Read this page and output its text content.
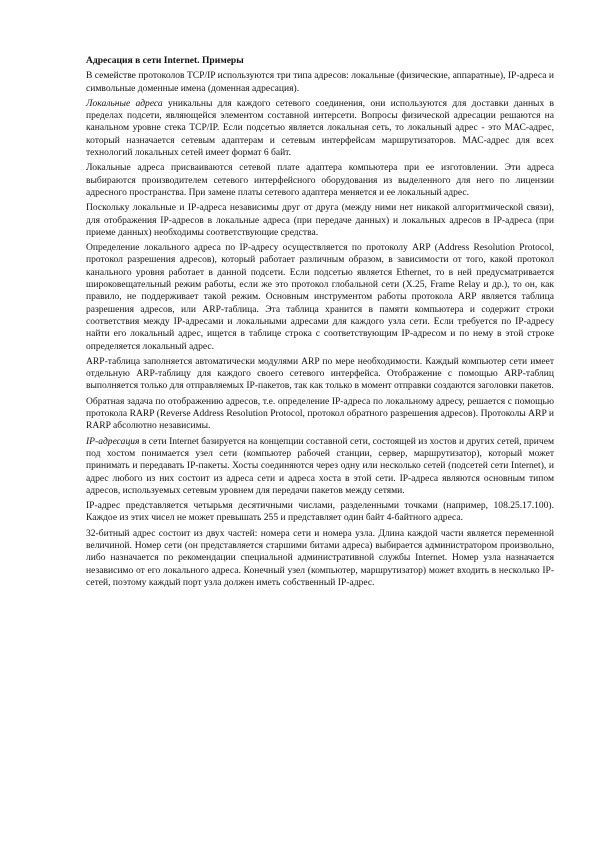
Адресация в сети Internet. Примеры

В семействе протоколов TCP/IP используются три типа адресов: локальные (физические, аппаратные), IP-адреса и символьные доменные имена (доменная адресация).

Локальные адреса уникальны для каждого сетевого соединения, они используются для доставки данных в пределах подсети, являющейся элементом составной интерсети. Вопросы физической адресации решаются на канальном уровне стека TCP/IP. Если подсетью является локальная сеть, то локальный адрес - это МАС-адрес, который назначается сетевым адаптерам и сетевым интерфейсам маршрутизаторов. МАС-адрес для всех технологий локальных сетей имеет формат 6 байт.

Локальные адреса присваиваются сетевой плате адаптера компьютера при ее изготовлении. Эти адреса выбираются производителем сетевого интерфейсного оборудования из выделенного для него по лицензии адресного пространства. При замене платы сетевого адаптера меняется и ее локальный адрес.

Поскольку локальные и IP-адреса независимы друг от друга (между ними нет никакой алгоритмической связи), для отображения IP-адресов в локальные адреса (при передаче данных) и локальных адресов в IP-адреса (при приеме данных) необходимы соответствующие средства.

Определение локального адреса по IP-адресу осуществляется по протоколу ARP (Address Resolution Protocol, протокол разрешения адресов), который работает различным образом, в зависимости от того, какой протокол канального уровня работает в данной подсети. Если подсетью является Ethernet, то в ней предусматривается широковещательный режим работы, если же это протокол глобальной сети (Х.25, Frame Relay и др.), то он, как правило, не поддерживает такой режим. Основным инструментом работы протокола ARP является таблица разрешения адресов, или ARP-таблица. Эта таблица хранится в памяти компьютера и содержит строки соответствия между IP-адресами и локальными адресами для каждого узла сети. Если требуется по IP-адресу найти его локальный адрес, ищется в таблице строка с соответствующим IP-адресом и по нему в этой строке определяется локальный адрес.

ARP-таблица заполняется автоматически модулями ARP по мере необходимости. Каждый компьютер сети имеет отдельную ARP-таблицу для каждого своего сетевого интерфейса. Отображение с помощью ARP-таблиц выполняется только для отправляемых IP-пакетов, так как только в момент отправки создаются заголовки пакетов.

Обратная задача по отображению адресов, т.е. определение IP-адреса по локальному адресу, решается с помощью протокола RARP (Reverse Address Resolution Protocol, протокол обратного разрешения адресов). Протоколы ARP и RARP абсолютно независимы.

IP-адресация в сети Internet базируется на концепции составной сети, состоящей из хостов и других сетей, причем под хостом понимается узел сети (компьютер рабочей станции, сервер, маршрутизатор), который может принимать и передавать IP-пакеты. Хосты соединяются через одну или несколько сетей (подсетей сети Internet), и адрес любого из них состоит из адреса сети и адреса хоста в этой сети. IP-адреса являются основным типом адресов, используемых сетевым уровнем для передачи пакетов между сетями.

IP-адрес представляется четырьмя десятичными числами, разделенными точками (например, 108.25.17.100). Каждое из этих чисел не может превышать 255 и представляет один байт 4-байтного адреса.

32-битный адрес состоит из двух частей: номера сети и номера узла. Длина каждой части является переменной величиной. Номер сети (он представляется старшими битами адреса) выбирается администратором произвольно, либо назначается по рекомендации специальной административной службы Internet. Номер узла назначается независимо от его локального адреса. Конечный узел (компьютер, маршрутизатор) может входить в несколько IP-сетей, поэтому каждый порт узла должен иметь собственный IP-адрес.
